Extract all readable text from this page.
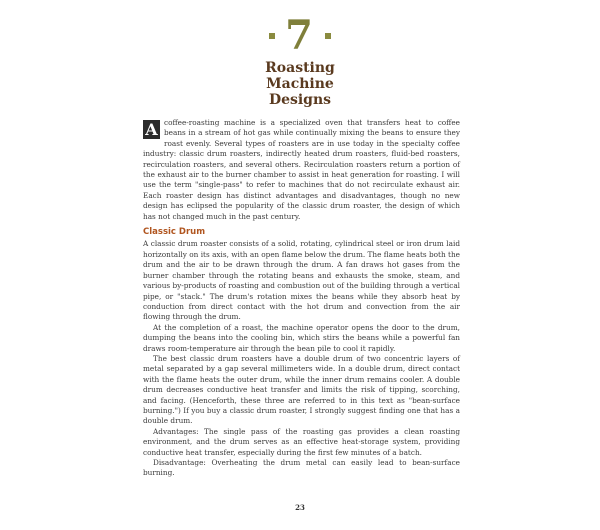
7
Roasting
Machine
Designs

A coffee-roasting machine is a specialized oven that transfers heat to coffee beans in a stream of hot gas while continually mixing the beans to ensure they roast evenly. Several types of roasters are in use today in the specialty coffee industry: classic drum roasters, indirectly heated drum roasters, fluid-bed roasters, recirculation roasters, and several others. Recirculation roasters return a portion of the exhaust air to the burner chamber to assist in heat generation for roasting. I will use the term "single-pass" to refer to machines that do not recirculate exhaust air. Each roaster design has distinct advantages and disadvantages, though no new design has eclipsed the popularity of the classic drum roaster, the design of which has not changed much in the past century.

Classic Drum

A classic drum roaster consists of a solid, rotating, cylindrical steel or iron drum laid horizontally on its axis, with an open flame below the drum. The flame heats both the drum and the air to be drawn through the drum. A fan draws hot gases from the burner chamber through the rotating beans and exhausts the smoke, steam, and various by-products of roasting and combustion out of the building through a vertical pipe, or "stack." The drum's rotation mixes the beans while they absorb heat by conduction from direct contact with the hot drum and convection from the air flowing through the drum.

At the completion of a roast, the machine operator opens the door to the drum, dumping the beans into the cooling bin, which stirs the beans while a powerful fan draws room-temperature air through the bean pile to cool it rapidly.

The best classic drum roasters have a double drum of two concentric layers of metal separated by a gap several millimeters wide. In a double drum, direct contact with the flame heats the outer drum, while the inner drum remains cooler. A double drum decreases conductive heat transfer and limits the risk of tipping, scorching, and facing. (Henceforth, these three are referred to in this text as "bean-surface burning.") If you buy a classic drum roaster, I strongly suggest finding one that has a double drum.

Advantages: The single pass of the roasting gas provides a clean roasting environment, and the drum serves as an effective heat-storage system, providing conductive heat transfer, especially during the first few minutes of a batch.

Disadvantage: Overheating the drum metal can easily lead to bean-surface burning.

23
